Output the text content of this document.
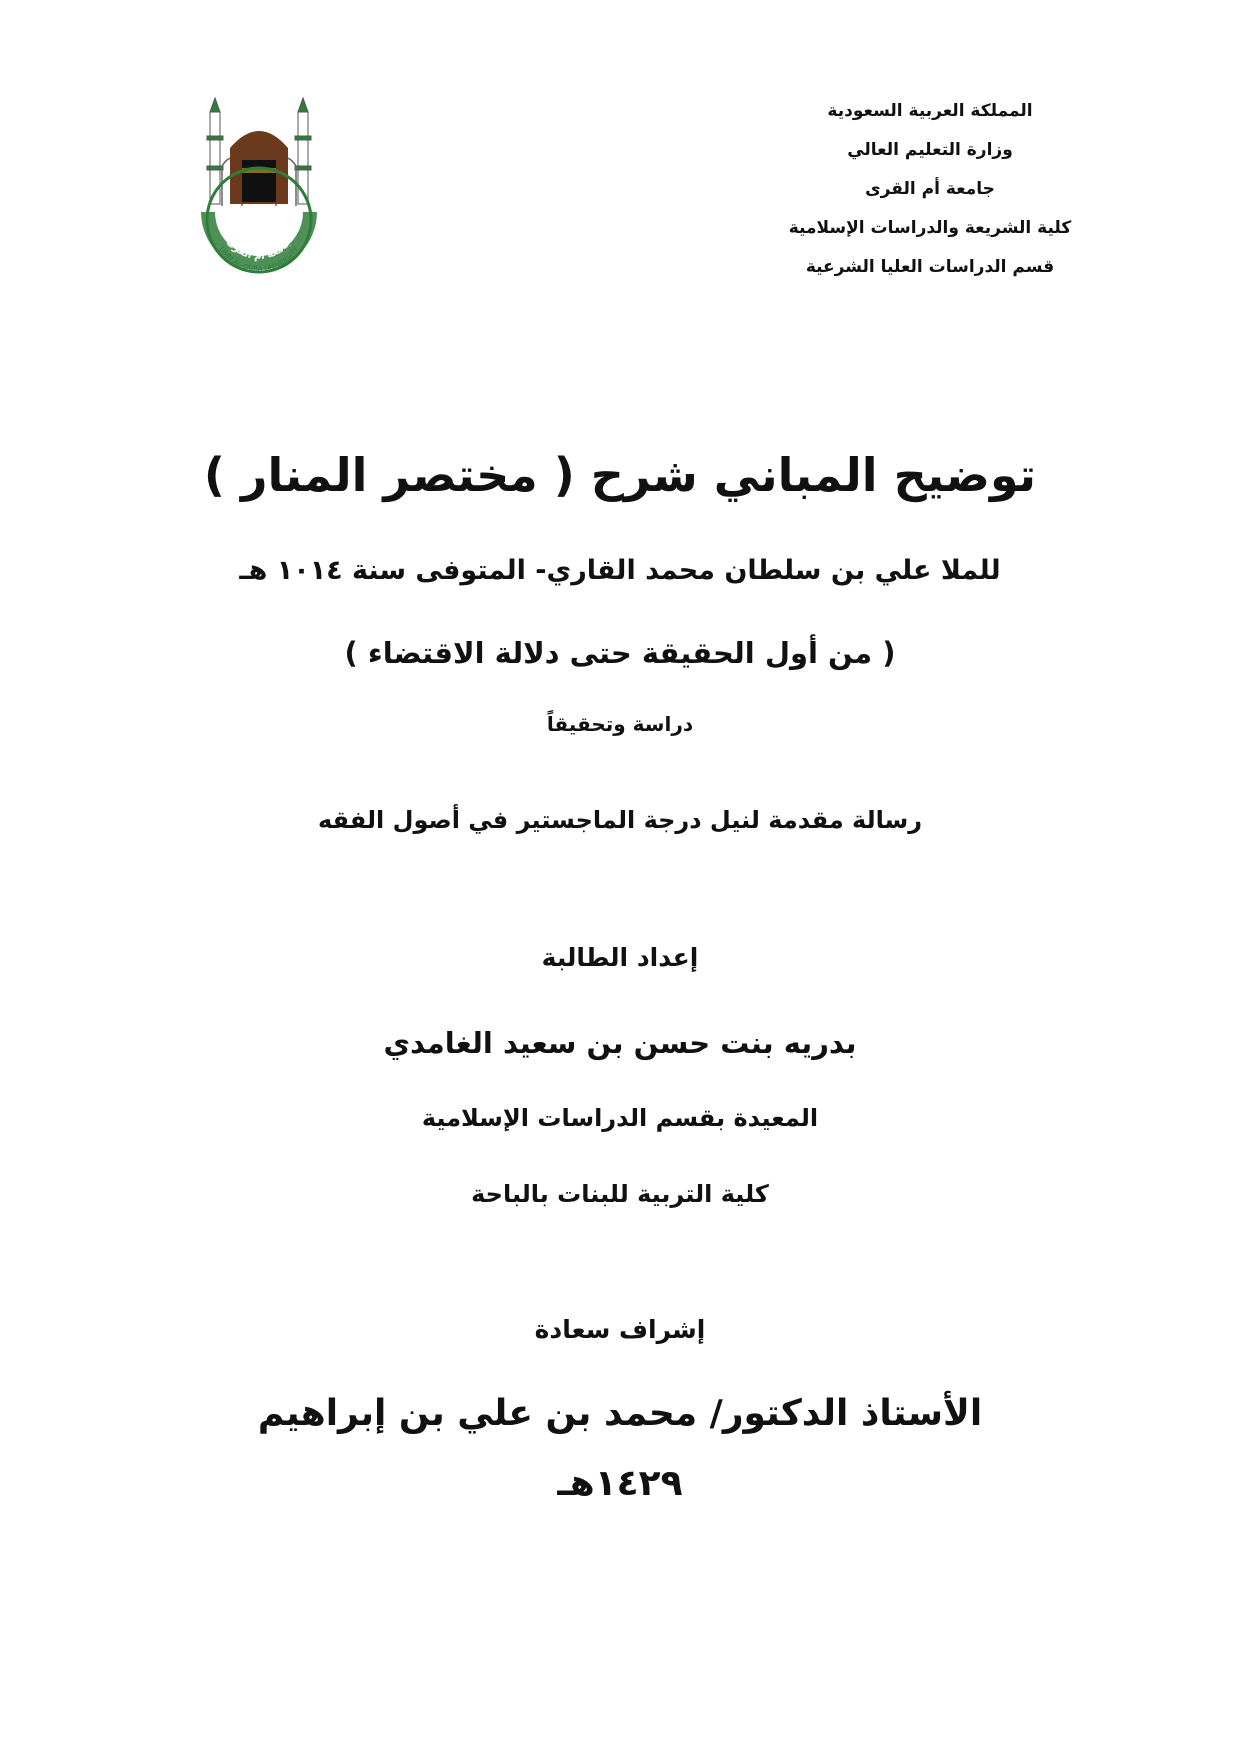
المملكة العربية السعودية
وزارة التعليم العالي
جامعة أم القرى
كلية الشريعة والدراسات الإسلامية
قسم الدراسات العليا الشرعية
جامعة أم القرى
UMM AL-QURA UNIVERSITY
توضيح المباني شرح ( مختصر المنار )
للملا علي بن سلطان محمد القاري- المتوفى سنة ١٠١٤ هـ
( من أول الحقيقة حتى دلالة الاقتضاء )
دراسة وتحقيقاً
رسالة مقدمة لنيل درجة الماجستير في أصول الفقه
إعداد الطالبة
بدريه بنت حسن بن سعيد الغامدي
المعيدة بقسم الدراسات الإسلامية
كلية التربية للبنات بالباحة
إشراف سعادة
الأستاذ الدكتور/ محمد بن علي بن إبراهيم
١٤٢٩هـ
